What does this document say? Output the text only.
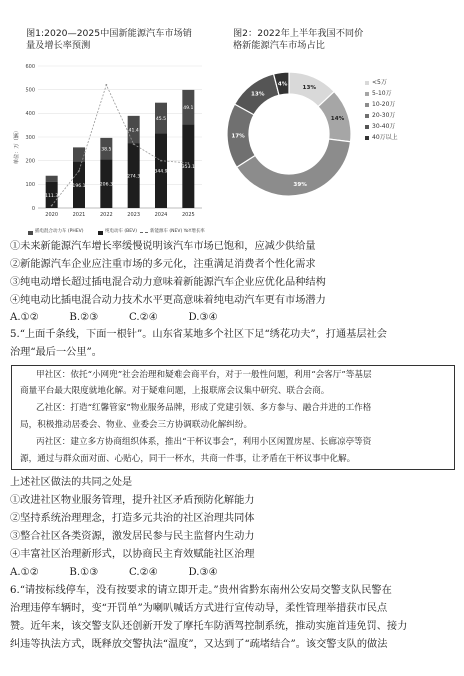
图1:2020—2025中国新能源汽车市场销量及增长率预测
0
100
200
300
400
500
600
111.3
196.1	206.3
38.5
274.3
41.4
344.9
45.5
353.1
49.1
2020	2021	2022	2023	2024	2025
单位：万（辆）
插电混合动力车 (PHEV)	纯电动车 (BEV)	新能源车 (NEV) YoY增长率
图2：2022年上半年我国不同价格新能源汽车市场占比
13%
14%
39%
17%
13%
4%	<5万
5-10万
10-20万
20-30万
30-40万
40万以上
①未来新能源汽车增长率缓慢说明该汽车市场已饱和，应减少供给量
②新能源汽车企业应注重市场的多元化，注重满足消费者个性化需求
③纯电动增长超过插电混合动力意味着新能源汽车企业应优化品种结构
④纯电动比插电混合动力技术水平更高意味着纯电动汽车更有市场潜力
A.①②　　　B.②③　　　C.②④　　　D.③④
5.“上面千条线，下面一根针”。山东省某地多个社区下足“绣花功夫”，打通基层社会
治理“最后一公里”。
甲社区：依托“小网兜”社会治理和疑难会商平台，对于一般性问题，利用“会客厅”等基层
商量平台最大限度就地化解。对于疑难问题，上报联席会议集中研究、联合会商。
乙社区：打造“红馨管家”物业服务品牌，形成了党建引领、多方参与、融合并进的工作格
局，积极推动居委会、物业、业委会三方协调联动化解纠纷。
丙社区：建立多方协商组织体系，推出“干杯议事会”，利用小区闲置房屋、长廊凉亭等资
源，通过与群众面对面、心贴心，同干一杯水，共商一件事，让矛盾在干杯议事中化解。
上述社区做法的共同之处是
①改进社区物业服务管理，提升社区矛盾预防化解能力
②坚持系统治理理念，打造多元共治的社区治理共同体
③整合社区各类资源，激发居民参与民主监督内生动力
④丰富社区治理新形式，以协商民主育效赋能社区治理
A.①②　　　B.①③　　　C.②④　　　D.③④
6.“请按标线停车，没有按要求的请立即开走。”贵州省黔东南州公安局交警支队民警在
治理违停车辆时，变“开罚单”为喇叭喊话方式进行宣传动导，柔性管理举措获市民点
赞。近年来，该交警支队还创新开发了摩托车防洒驾控制系统，推动实施首违免罚、接力
纠违等执法方式，既释放交警执法“温度”，又达到了“疏堵结合”。该交警支队的做法
